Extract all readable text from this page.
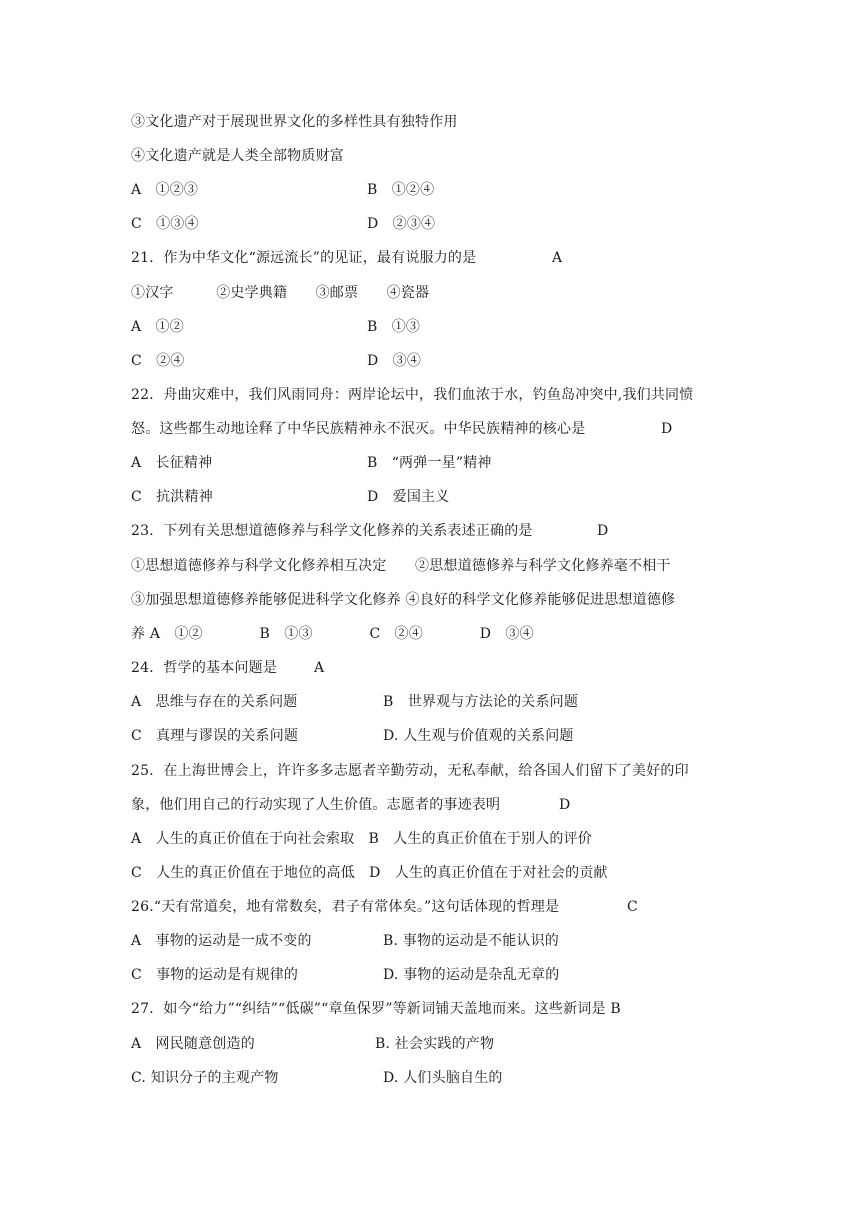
③文化遗产对于展现世界文化的多样性具有独特作用
④文化遗产就是人类全部物质财富
A　①②③	B　①②④
C　①③④	D　②③④
21．作为中华文化“源远流长”的见证，最有说服力的是	A
①汉字　　　②史学典籍　　③邮票　　④瓷器
A　①②	B　①③
C　②④	D　③④
22．舟曲灾难中，我们风雨同舟：两岸论坛中，我们血浓于水，钓鱼岛冲突中,我们共同愤
怒。这些都生动地诠释了中华民族精神永不泯灭。中华民族精神的核心是	D
A　长征精神	B　“两弹一星”精神
C　抗洪精神	D　爱国主义
23．下列有关思想道德修养与科学文化修养的关系表述正确的是	D
①思想道德修养与科学文化修养相互决定　　②思想道德修养与科学文化修养毫不相干
③加强思想道德修养能够促进科学文化修养 ④良好的科学文化修养能够促进思想道德修
养 A　①②　　　　B　①③　　　　C　②④　　　　D　③④
24．哲学的基本问题是	A
A　思维与存在的关系问题	B　世界观与方法论的关系问题
C　真理与谬误的关系问题	D. 人生观与价值观的关系问题
25．在上海世博会上，许许多多志愿者辛勤劳动，无私奉献，给各国人们留下了美好的印
象，他们用自己的行动实现了人生价值。志愿者的事迹表明	D
A　人生的真正价值在于向社会索取　B　人生的真正价值在于别人的评价
C　人生的真正价值在于地位的高低　D　人生的真正价值在于对社会的贡献
26.“天有常道矣，地有常数矣，君子有常体矣。”这句话体现的哲理是	C
A　事物的运动是一成不变的	B. 事物的运动是不能认识的
C　事物的运动是有规律的	D. 事物的运动是杂乱无章的
27．如今“给力”“纠结”“低碳”“章鱼保罗”等新词铺天盖地而来。这些新词是 B
A　网民随意创造的	B. 社会实践的产物
C. 知识分子的主观产物	D. 人们头脑自生的
